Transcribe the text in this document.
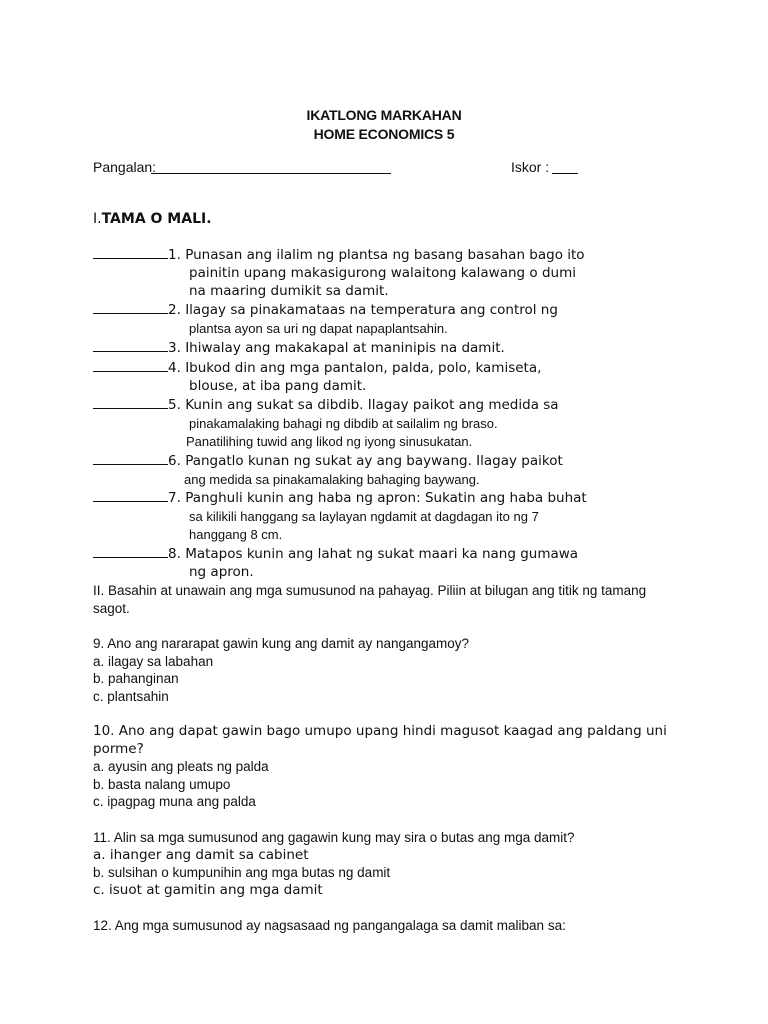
IKATLONG MARKAHAN
HOME ECONOMICS 5
Pangalan:	Iskor :
I.TAMA O MALI.
1. Punasan ang ilalim ng plantsa ng basang basahan bago ito
painitin upang makasigurong walaitong kalawang o dumi
na maaring dumikit sa damit.
2. Ilagay sa pinakamataas na temperatura ang control ng
plantsa ayon sa uri ng dapat napaplantsahin.
3. Ihiwalay ang makakapal at maninipis na damit.
4. Ibukod din ang mga pantalon, palda, polo, kamiseta,
blouse, at iba pang damit.
5. Kunin ang sukat sa dibdib. Ilagay paikot ang medida sa
pinakamalaking bahagi ng dibdib at sailalim ng braso.
Panatilihing tuwid ang likod ng iyong sinusukatan.
6. Pangatlo kunan ng sukat ay ang baywang. Ilagay paikot
ang medida sa pinakamalaking bahaging baywang.
7. Panghuli kunin ang haba ng apron: Sukatin ang haba buhat
sa kilikili hanggang sa laylayan ngdamit at dagdagan ito ng 7
hanggang 8 cm.
8. Matapos kunin ang lahat ng sukat maari ka nang gumawa
ng apron.
II. Basahin at unawain ang mga sumusunod na pahayag. Piliin at bilugan ang titik ng tamang
sagot.
9. Ano ang nararapat gawin kung ang damit ay nangangamoy?
a. ilagay sa labahan
b. pahanginan
c. plantsahin
10. Ano ang dapat gawin bago umupo upang hindi magusot kaagad ang paldang uni
porme?
a. ayusin ang pleats ng palda
b. basta nalang umupo
c. ipagpag muna ang palda
11. Alin sa mga sumusunod ang gagawin kung may sira o butas ang mga damit?
a. ihanger ang damit sa cabinet
b. sulsihan o kumpunihin ang mga butas ng damit
c. isuot at gamitin ang mga damit
12. Ang mga sumusunod ay nagsasaad ng pangangalaga sa damit maliban sa:
